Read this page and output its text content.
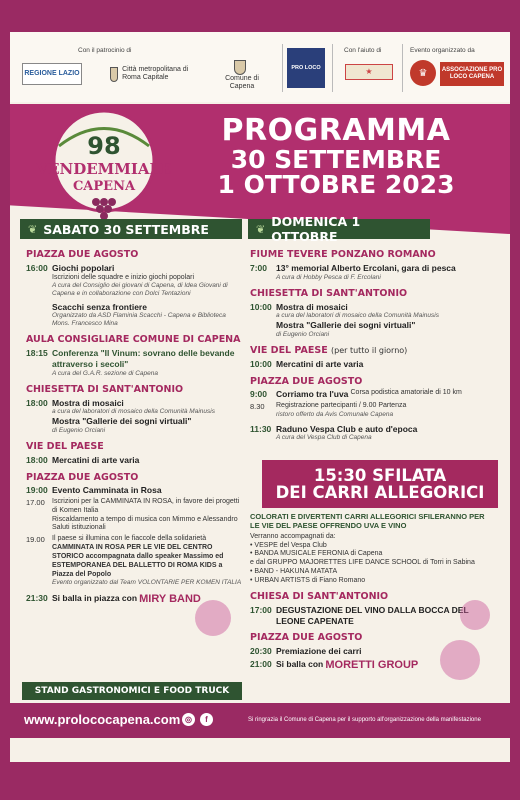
Con il patrocinio di
REGIONE LAZIO
Città metropolitana di Roma Capitale	Comune di Capena
PRO LOCO
Con l'aiuto di
★
Evento organizzato da
♛	ASSOCIAZIONE PRO LOCO CAPENA
98
VENDEMMIALE
CAPENA
PROGRAMMA
30 SETTEMBRE
1 OTTOBRE 2023
❦ SABATO 30 SETTEMBRE	❦ DOMENICA 1 OTTOBRE
PIAZZA DUE AGOSTO
16:00 Giochi popolari
Iscrizioni delle squadre e inizio giochi popolari
A cura del Consiglio dei giovani di Capena, di Idea Giovani di Capena e in collaborazione con Dolci Tentazioni
Scacchi senza frontiere
Organizzato da ASD Flaminia Scacchi - Capena e Biblioteca Mons. Francesco Mina
AULA CONSIGLIARE COMUNE DI CAPENA
18:15 Conferenza "Il Vinum: sovrano delle bevande attraverso i secoli"
A cura del G.A.R. sezione di Capena
CHIESETTA DI SANT'ANTONIO
18:00 Mostra di mosaici
a cura del laboratori di mosaico della Comunità Mainusis
Mostra "Gallerie dei sogni virtuali"
di Eugenio Orciani
VIE DEL PAESE
18:00 Mercatini di arte varia
PIAZZA DUE AGOSTO
19:00 Evento Camminata in Rosa
17.00	Iscrizioni per la CAMMINATA IN ROSA, in favore dei progetti di Komen Italia
Riscaldamento a tempo di musica con Mimmo e Alessandro
Saluti istituzionali
19.00	Il paese si illumina con le fiaccole della solidarietà
CAMMINATA IN ROSA PER LE VIE DEL CENTRO STORICO accompagnata dallo speaker Massimo ed ESTEMPORANEA DEL BALLETTO DI ROMA KIDS a Piazza del Popolo
Evento organizzato dal Team VOLONTARIE PER KOMEN ITALIA
21:30 Si balla in piazza con
MIRY BAND
FIUME TEVERE PONZANO ROMANO
7:00	13° memorial Alberto Ercolani, gara di pesca
A cura di Hobby Pesca di F. Ercolani
CHIESETTA DI SANT'ANTONIO
10:00 Mostra di mosaici
a cura del laboratori di mosaico della Comunità Mainusis
Mostra "Gallerie dei sogni virtuali"
di Eugenio Orciani
VIE DEL PAESE (per tutto il giorno)
10:00 Mercatini di arte varia
PIAZZA DUE AGOSTO
9:00	Corriamo tra l'uva
Corsa podistica amatoriale di 10 km
8.30	Registrazione partecipanti / 9.00 Partenza
ristoro offerto da Avis Comunale Capena
11:30 Raduno Vespa Club e auto d'epoca
A cura del Vespa Club di Capena
15:30 SFILATA
DEI CARRI ALLEGORICI
COLORATI E DIVERTENTI CARRI ALLEGORICI SFILERANNO PER LE VIE DEL PAESE OFFRENDO UVA E VINO
Verranno accompagnati da:
• VESPE del Vespa Club
• BANDA MUSICALE FERONIA di Capena
e dal GRUPPO MAJORETTES LIFE DANCE SCHOOL di Torri in Sabina
• BAND - HAKUNA MATATA
• URBAN ARTISTS di Fiano Romano
CHIESA DI SANT'ANTONIO
17:00 DEGUSTAZIONE DEL VINO DALLA BOCCA DEL LEONE CAPENATE
PIAZZA DUE AGOSTO
20:30 Premiazione dei carri
21:00 Si balla con
MORETTI GROUP
STAND GASTRONOMICI E FOOD TRUCK
www.prolococapena.com ◎	f	Si ringrazia il Comune di Capena per il supporto all'organizzazione della manifestazione
